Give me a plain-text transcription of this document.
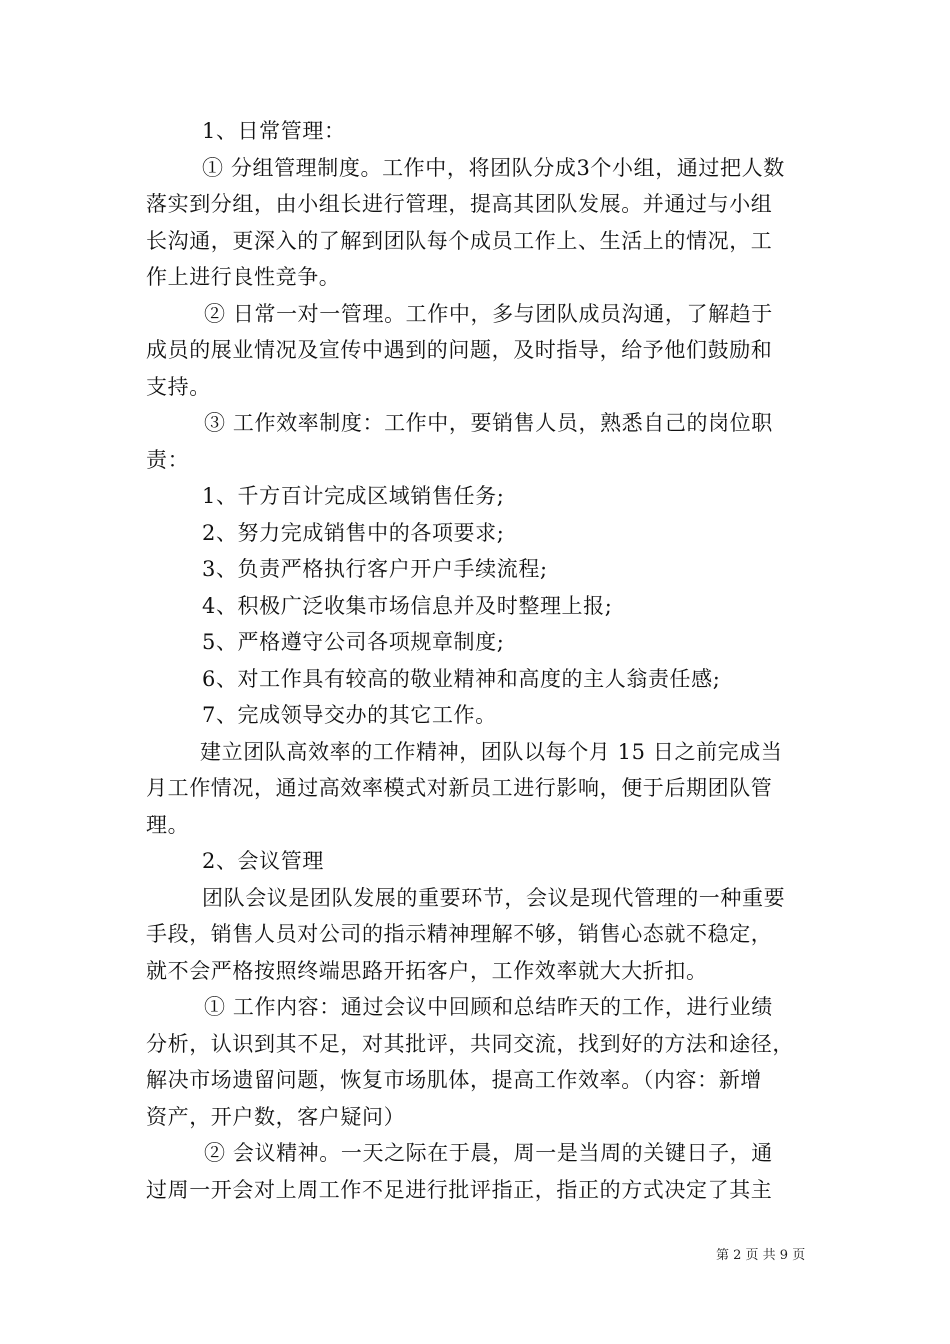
1、日常管理：
① 分组管理制度。工作中，将团队分成3个小组，通过把人数
落实到分组，由小组长进行管理，提高其团队发展。并通过与小组
长沟通，更深入的了解到团队每个成员工作上、生活上的情况，工
作上进行良性竞争。
② 日常一对一管理。工作中，多与团队成员沟通，了解趋于
成员的展业情况及宣传中遇到的问题，及时指导，给予他们鼓励和
支持。
③ 工作效率制度：工作中，要销售人员，熟悉自己的岗位职
责：
1、千方百计完成区域销售任务;
2、努力完成销售中的各项要求;
3、负责严格执行客户开户手续流程;
4、积极广泛收集市场信息并及时整理上报;
5、严格遵守公司各项规章制度;
6、对工作具有较高的敬业精神和高度的主人翁责任感;
7、完成领导交办的其它工作。
建立团队高效率的工作精神，团队以每个月 15 日之前完成当
月工作情况，通过高效率模式对新员工进行影响，便于后期团队管
理。
2、会议管理
团队会议是团队发展的重要环节，会议是现代管理的一种重要
手段，销售人员对公司的指示精神理解不够，销售心态就不稳定，
就不会严格按照终端思路开拓客户，工作效率就大大折扣。
① 工作内容：通过会议中回顾和总结昨天的工作，进行业绩
分析，认识到其不足，对其批评，共同交流，找到好的方法和途径，
解决市场遗留问题，恢复市场肌体，提高工作效率。（内容：新增
资产，开户数，客户疑问）
② 会议精神。一天之际在于晨，周一是当周的关键日子，通
过周一开会对上周工作不足进行批评指正，指正的方式决定了其主
第 2 页 共 9 页
